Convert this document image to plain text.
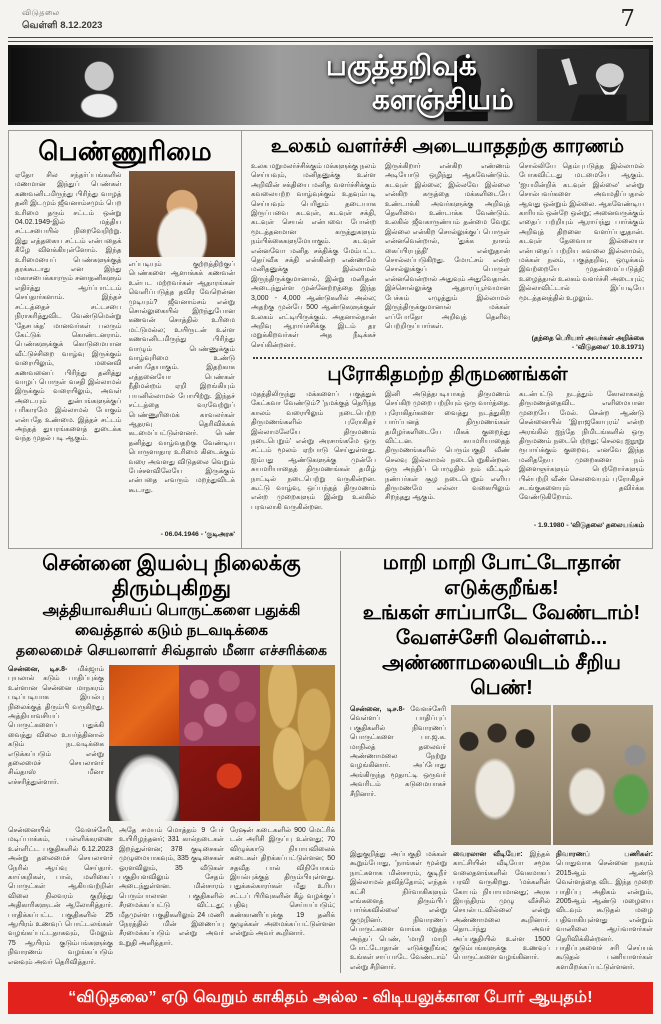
விடுதலை
வெள்ளி 8.12.2023	7
பகுத்தறிவுக்
களஞ்சியம்
பெண்ணுரிமை
ஏதோ சில சந்தர்ப்பங்களில் மணமான இந்துப் பெண்கள் கணவனிடமிருந்து பிரிந்து வாழத் தனி இடமும் ஜீவனாம்சமும் பெற உரிமை தரும் சட்டம் ஒன்று 04.02.1949-இல் மத்திய சட்டசபையில் நிறைவேறிற்று. இது எத்தகைய சட்டம் என்பதைக் கீழே விளக்கியுள்ளோம். இந்த உரிமையைப் பெண்களுக்குத் தரக்கூடாது என இந்து மகாசபைக்காரரும் சனாதனிகளும் எதிர்த்து ஆர்ப்பாட்டம் செய்தார்களாம். இந்தச் சட்டத்தைச் சட்டசபை நிராகரித்துவிட வேண்டுமென்று 'தேசபக்த' மானவர்கள் பலரும் கேட்டுக் கொண்டனராம். பெண்களுக்குக் கொடுமையான வீட்டுச்சிறை வாழ்வு இருக்கும் வரையிலும், மனைவி கணவனைப் பிரிந்து தனித்து வாழப் பொருள் வசதி இல்லாமல் இருக்கும் வரையிலும், அவள் அடையும் துன்பங்களுக்குப் பரிகாரமே இல்லாமல் போகும் என்பதே உண்மை. இத்தச் சட்டம் அந்தத் துயரங்களைத் துடைக்க வந்த முதல் படி ஆகும்.
எப்படியும் குற்றத்திற்குப் பெண்களை ஆளாக்கக் கணவன் உள்பட மற்றவர்கள் ஆதாரங்கள் வெளிப்படுத்த தவிர வேறென்ன முடியும்? ஜீவனாம்சம் என்று சொல்லுகையில் இறந்துபோன கணவன் சொத்தில் உரிமை மட்டுமல்ல; உயிருடன் உள்ள கணவனிடமிருந்து பிரிந்து வாழும் பெண்ணுக்கும் வாழ்வுரிமை உண்டு என்பதேயாகும். இதற்காக எத்தனையோ பெண்கள் நீதிமன்றம் ஏறி இறங்கியும் பயனில்லாமல் போயிற்று. இந்தச் சட்டத்தை வரவேற்றுப் பெண்ணுரிமைக் காவலர்கள் ஆதரவு தெரிவிக்கக் கடமைப்பட்டுள்ளனர். பெண் தனித்து வாழ்வதற்கு வேண்டிய பொருளாதார உரிமை கிடைக்கும் வரை அவளது விடுதலை வெறும் பேச்சளவிலேயே இருக்கும் என்பதை எவரும் மறந்துவிடக் கூடாது.
- 06.04.1946 - 'குடிஅரசு'
உலகம் வளர்ச்சி அடையாததற்கு காரணம்
உலக மறுமலர்ச்சிக்கும் மக்களுக்கு நலம் செய்யவும், மனிதனுக்கு உள்ள அறிவின் சக்தியை மனித வளர்ச்சிக்கும் கவலையற்ற வாழ்வுக்கும் உதவும்படி செய்யவும் பெரிதும் தடையாக இருப்பவை கடவுள், கடவுள் சக்தி, கடவுள் செயல் என்பவை போன்ற மூடத்தனமான கருத்துகளும் நம்பிக்கைகளுமேயாகும். கடவுள் என்னவோ மனித சக்திக்கு மேம்பட்ட தெய்வீக சக்தி என்கின்ற எண்ணமே மனிதனுக்கு இல்லாமல் இருந்திருக்குமானால், இன்று மனிதன் அடைந்துள்ள முன்னேற்றத்தை இந்த 3,000 - 4,000 ஆண்டுகளில் அல்ல; அதற்கு முன்பே 500 ஆண்டுகளுக்குள் உலகம் எட்டியிருக்கும். அதனால்தான் அறிவு ஆராய்ச்சிக்கு இடம் தர மறுக்கிறவர்கள் அத நீடிக்கச் செய்கின்றனர்.
இருக்கிறார் என்கிற எண்ணம் அடியோடு ஒழிந்து ஆகவேண்டும். கடவுள் இல்லை; இல்லவே இல்லை என்கிற கருத்தை மக்களிடையே உண்டாக்கி அவர்களுக்கு அறிவுத் தெளிவை உண்டாக்க வேண்டும். உலகில் ஜீவகாருண்யம் தன்மை வேறு; இல்லை என்கிற சொல்லுக்குப் பொருள் என்னவென்றால், 'துக்க நாசம் கைப்பிரபுத்தி' என்றுதான் சொல்லப்படுகிறது. மோட்சம் என்ற சொல்லுக்குப் பொருள் என்னவென்றால் அதுவும் அதுவேதான். இச்சொல்லுக்கு ஆதாரப்பூர்வமான பேச்சும் எழுத்தும் இல்லாமல் இருந்திருக்குமானால் மக்கள் எப்போதோ அறிவுத் தெளிவு பெற்றிருப்பார்கள்.
சொல்லியே தெம்புபடுத்த இல்லாமல் போகவிட்டது மடமையே ஆகும். 'ஐயமின்றிக் கடவுள் இல்லை' என்று சொல்பவர்களை அவமதிப்பதால் ஆவது ஒன்றும் இல்லை. ஆகவேண்டிய காரியம் ஒன்றே ஒன்று; அனைவருக்கும் எதைப் பற்றியும் ஆராய்ந்து பார்க்கும் அறிவுத் திறனை வளர்ப்பதுதான். கடவுள் தேவையா இல்லையா என்பதைப் பற்றிய கவலை இல்லாமல், மக்கள் நலம், பகுத்தறிவு, ஒழுக்கம் இவற்றையே முதன்மைப்படுத்தி உழைத்தால் உலகம் வளர்ச்சி அடையும்; இல்லாவிட்டால் இப்படியே மூடத்தனத்தில் உழலும்.
(தந்தை பெரியார் அவர்கள் அறிக்கை
- 'விடுதலை' 10.8.1971)
புரோகிதமற்ற திருமணங்கள்
மதத்திலிருந்து மக்களைப் பகுத்துக் கேட்கவா வேண்டும்? 'நமக்குத் தெரிந்த காலம் வரையிலும் நடைபெற்ற திருமணங்களில் புரோகிதர் இல்லாமலேயே திருமணம் நடைபெறும்' என்று அரசாங்கமே ஒரு சட்டம் மூலம் ஏற்பாடு செய்துள்ளது. ஐம்பது ஆண்டுகளுக்கு முன்பே சுயமரியாதைத் திருமணங்கள் தமிழ் நாட்டில் நடைபெற்று வருகின்றன. கூட்டு வாழ்வு, ஒப்பந்தத் திருமணம் என்ற முறைகளும் இன்று உலகில் பரவலாகி வருகின்றன.
இனி அடுத்தபடியாகத் திருமணம் செய்கிற முறை பற்றியும் ஒரு வார்த்தை. புரோகிதர்களை வைத்து நடத்துகிற பார்ப்பனத் திருமணங்கள் தமிழர்களிடையே மிகக் குறைந்து விட்டன. சுயமரியாதைத் திருமணங்களில் பெரும்பகுதி வீண் செலவு இல்லாமல் நடைபெறுகின்றன. ஒரு அந்திப் பொழுதில் நம் வீட்டில் நண்பர்கள் சூழ நடைபெறும் எளிய திருமணமே எல்லா வகையிலும் சிறந்தது ஆகும்.
கடன்பட்டு நடத்தும் கோலாகலத் திருமணத்தைவிட எளிமையான முறையே மேல். சென்ற ஆண்டு சென்னையில் 'இராஜகோபுரம்' என்ற அரங்கில் ஐந்தே நிமிடங்களில் ஒரு திருமணம் நடைபெற்றது; செலவு ஐநூறு ரூபாய்க்கும் குறைவு. எனவே இந்த மனிதநேய முறைகளை நம் இளைஞர்களும் பெற்றோர்களும் பின்பற்றி வீண் செலவையும் புரோகிதச் சடங்குகளையும் தவிர்க்க வேண்டுகிறோம்.
- 1.9.1980 - 'விடுதலை' தலையங்கம்
சென்னை இயல்பு நிலைக்கு திரும்புகிறது
அத்தியாவசியப் பொருட்களை பதுக்கி வைத்தால் கடும் நடவடிக்கை
தலைமைச் செயலாளர் சிவ்தாஸ் மீனா எச்சரிக்கை
சென்னை, டிச.8- மிக்ஜாம் புயலால் கடும் பாதிப்புக்கு உள்ளான சென்னை மாநகரம் படிப்படியாக இயல்பு நிலைக்குத் திரும்பி வருகிறது. அத்தியாவசியப் பொருட்களைப் பதுக்கி வைத்து விலை உயர்த்தினால் கடும் நடவடிக்கை எடுக்கப்படும் என்று தலைமைச் செயலாளர் சிவ்தாஸ் மீனா எச்சரித்துள்ளார்.
சென்னையில் வேளச்சேரி, மடிப்பாக்கம், பள்ளிக்கரணை உள்ளிட்ட பகுதிகளில் 6.12.2023 அன்று தலைமைச் செயலாளர் நேரில் ஆய்வு செய்தார். காய்கறிகள், பால், மளிகைப் பொருட்கள் ஆகியவற்றின் விலை நிலவரம் குறித்து அதிகாரிகளுடன் ஆலோசித்தார். பாதிக்கப்பட்ட பகுதிகளில் 25 ஆயிரம் உணவுப் பொட்டலங்கள் வழங்கப்பட்டதாகவும், மேலும் 75 ஆயிரம் குடும்பங்களுக்கு நிவாரணம் வழங்கப்படும் எனவும் அவர் தெரிவித்தார்.
அதே சமயம் மொத்தம் 9 பேர் உயிரிழந்தனர்; 331 கால்நடைகள் இறந்துள்ளன; 378 குடிசைகள் முழுமையாகவும், 335 குடிசைகள் ஓரளவிலும், 35 வீடுகள் பகுதியளவிலும் சேதம் அடைந்துள்ளன. மின்சாரம் பெரும்பாலான பகுதிகளில் சீரமைக்கப்பட்டு விட்டது; மீதமுள்ள பகுதிகளிலும் 24 மணி நேரத்தில் மின் இணைப்பு சீரமைக்கப்படும் என்று அவர் உறுதி அளித்தார்.
ரேஷன் கடைகளில் 900 மெட்ரிக் டன் அரிசி இருப்பு உள்ளது; 70 விழுக்காடு நியாயவிலைக் கடைகள் திறக்கப்பட்டுள்ளன; 50 சதவீத பால் விநியோகம் இயல்புக்குத் திரும்பியுள்ளது. பதுக்கல்காரர்கள் மீது உரிய சட்டப் பிரிவுகளின் கீழ் வழக்குப் பதிவு செய்யப்படும்; கண்காணிப்புக்கு 19 தனிக் குழுக்கள் அமைக்கப்பட்டுள்ளன என்றும் அவர் கூறினார்.
மாறி மாறி போட்டோதான் எடுக்குறீங்க!
உங்கள் சாப்பாடே வேண்டாம்!
வேளச்சேரி வெள்ளம்...
அண்ணாமலையிடம் சீறிய பெண்!
சென்னை, டிச.8- வேளச்சேரி வெள்ளப் பாதிப்புப் பகுதிகளில் நிவாரணப் பொருட்களை பா.ஜ.க. மாநிலத் தலைவர் அண்ணாமலை நேற்று வழங்கினார். அப்போது அங்கிருந்த மூதாட்டி ஒருவர் அவரிடம் கடுமையாகச் சீறினார்.
இதுகுறித்து அப்பகுதி மக்கள் கூறும்போது, 'நாங்கள் மூன்று நாட்களாக மின்சாரம், குடிநீர் இல்லாமல் தவித்தோம்; எந்தக் கட்சி நிர்வாகிகளும் எங்களைத் திரும்பிப் பார்க்கவில்லை' என்று குமுறினர். நிவாரணப் பொருட்களை வாங்க மறுத்த அந்தப் பெண், 'மாறி மாறி போட்டோதான் எடுக்குறீங்க; உங்கள் சாப்பாடே வேண்டாம்' என்று சீறினார்.
வைரலான வீடியோ: இந்தக் காட்சியின் வீடியோ சமூக வலைதளங்களில் வேகமாகப் பரவி வருகிறது. 'மக்களின் கோபம் நியாயமானது; அரசு இயந்திரம் முழு வீச்சில் செயல்படவில்லை' என்று அண்ணாமலை கூறினார். தொடர்ந்து அவர் அப்பகுதியில் உள்ள 1500 குடும்பங்களுக்கு உணவுப் பொருட்களை வழங்கினார்.
நிவாரணப் பணிகள்: பொதுவாக சென்னை நகரம் 2015ஆம் ஆண்டு வெள்ளத்தை விட இந்த முறை பாதிப்பு அதிகம் என்றும், 2005ஆம் ஆண்டு மழையை விடவும் கூடுதல் மழை பதிவாகியுள்ளது என்றும் வானிலை ஆய்வாளர்கள் தெரிவிக்கின்றனர். பாதிப்புகளைச் சரி செய்யக் கூடுதல் பணியாளர்கள் களமிறக்கப்பட்டுள்ளனர்.
“விடுதலை” ஏடு வெறும் காகிதம் அல்ல - விடியலுக்கான போர் ஆயுதம்!
